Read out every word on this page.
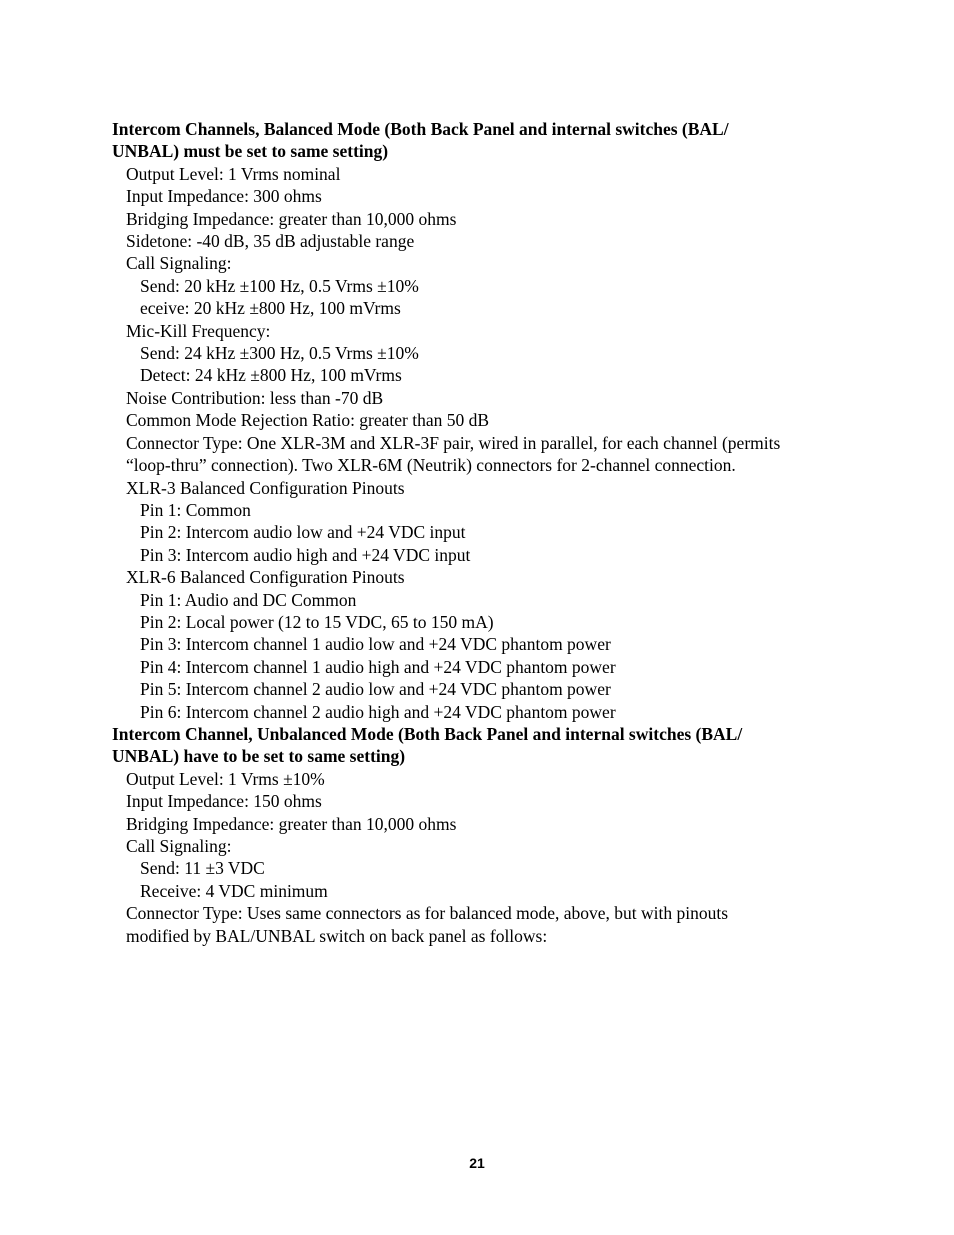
Intercom Channels, Balanced Mode (Both Back Panel and internal switches (BAL/
UNBAL) must be set to same setting)
Output Level: 1 Vrms nominal
Input Impedance: 300 ohms
Bridging Impedance: greater than 10,000 ohms
Sidetone: -40 dB, 35 dB adjustable range
Call Signaling:
Send: 20 kHz ±100 Hz, 0.5 Vrms ±10%
eceive: 20 kHz ±800 Hz, 100 mVrms
Mic-Kill Frequency:
Send: 24 kHz ±300 Hz, 0.5 Vrms ±10%
Detect: 24 kHz ±800 Hz, 100 mVrms
Noise Contribution: less than -70 dB
Common Mode Rejection Ratio: greater than 50 dB
Connector Type: One XLR-3M and XLR-3F pair, wired in parallel, for each channel (permits
“loop-thru” connection). Two XLR-6M (Neutrik) connectors for 2-channel connection.
XLR-3 Balanced Configuration Pinouts
Pin 1: Common
Pin 2: Intercom audio low and +24 VDC input
Pin 3: Intercom audio high and +24 VDC input
XLR-6 Balanced Configuration Pinouts
Pin 1: Audio and DC Common
Pin 2: Local power (12 to 15 VDC, 65 to 150 mA)
Pin 3: Intercom channel 1 audio low and +24 VDC phantom power
Pin 4: Intercom channel 1 audio high and +24 VDC phantom power
Pin 5: Intercom channel 2 audio low and +24 VDC phantom power
Pin 6: Intercom channel 2 audio high and +24 VDC phantom power
Intercom Channel, Unbalanced Mode (Both Back Panel and internal switches (BAL/
UNBAL) have to be set to same setting)
Output Level: 1 Vrms ±10%
Input Impedance: 150 ohms
Bridging Impedance: greater than 10,000 ohms
Call Signaling:
Send: 11 ±3 VDC
Receive: 4 VDC minimum
Connector Type: Uses same connectors as for balanced mode, above, but with pinouts
modified by BAL/UNBAL switch on back panel as follows:
21
